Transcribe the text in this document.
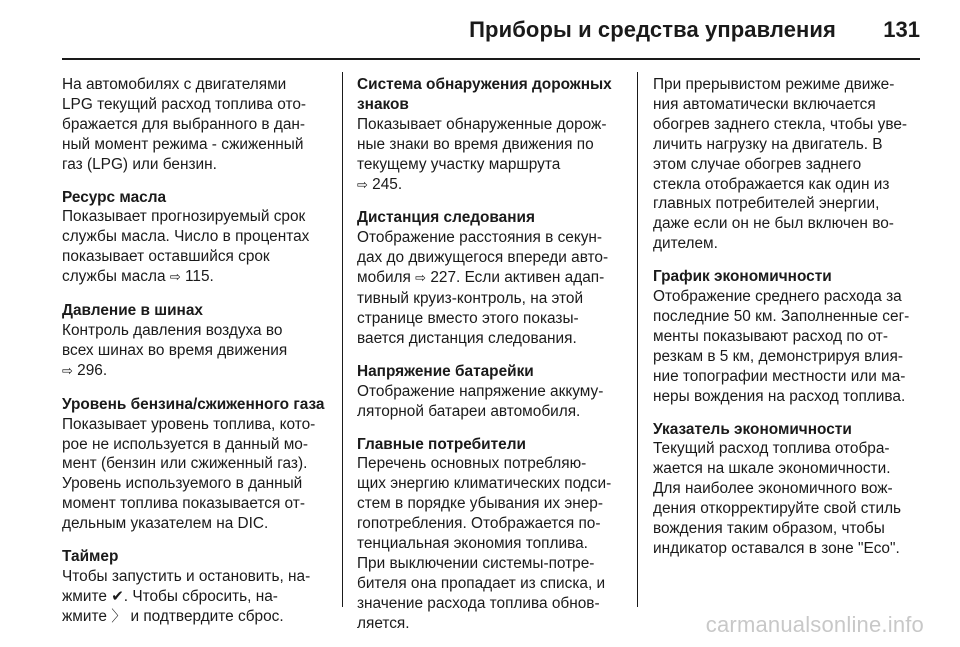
Приборы и средства управления 131
На автомобилях с двигателями
LPG текущий расход топлива ото-
бражается для выбранного в дан-
ный момент режима - сжиженный
газ (LPG) или бензин.
Ресурс масла
Показывает прогнозируемый срок
службы масла. Число в процентах
показывает оставшийся срок
службы масла ⇨ 115.
Давление в шинах
Контроль давления воздуха во
всех шинах во время движения
⇨ 296.
Уровень бензина/сжиженного газа
Показывает уровень топлива, кото-
рое не используется в данный мо-
мент (бензин или сжиженный газ).
Уровень используемого в данный
момент топлива показывается от-
дельным указателем на DIC.
Таймер
Чтобы запустить и остановить, на-
жмите ✔. Чтобы сбросить, на-
жмите 〉 и подтвердите сброс.
Система обнаружения дорожных знаков
Показывает обнаруженные дорож-
ные знаки во время движения по
текущему участку маршрута
⇨ 245.
Дистанция следования
Отображение расстояния в секун-
дах до движущегося впереди авто-
мобиля ⇨ 227. Если активен адап-
тивный круиз-контроль, на этой
странице вместо этого показы-
вается дистанция следования.
Напряжение батарейки
Отображение напряжение аккуму-
ляторной батареи автомобиля.
Главные потребители
Перечень основных потребляю-
щих энергию климатических подси-
стем в порядке убывания их энер-
гопотребления. Отображается по-
тенциальная экономия топлива.
При выключении системы-потре-
бителя она пропадает из списка, и
значение расхода топлива обнов-
ляется.
При прерывистом режиме движе-
ния автоматически включается
обогрев заднего стекла, чтобы уве-
личить нагрузку на двигатель. В
этом случае обогрев заднего
стекла отображается как один из
главных потребителей энергии,
даже если он не был включен во-
дителем.
График экономичности
Отображение среднего расхода за
последние 50 км. Заполненные сег-
менты показывают расход по от-
резкам в 5 км, демонстрируя влия-
ние топографии местности или ма-
неры вождения на расход топлива.
Указатель экономичности
Текущий расход топлива отобра-
жается на шкале экономичности.
Для наиболее экономичного вож-
дения откорректируйте свой стиль
вождения таким образом, чтобы
индикатор оставался в зоне "Eco".
carmanualsonline.info
